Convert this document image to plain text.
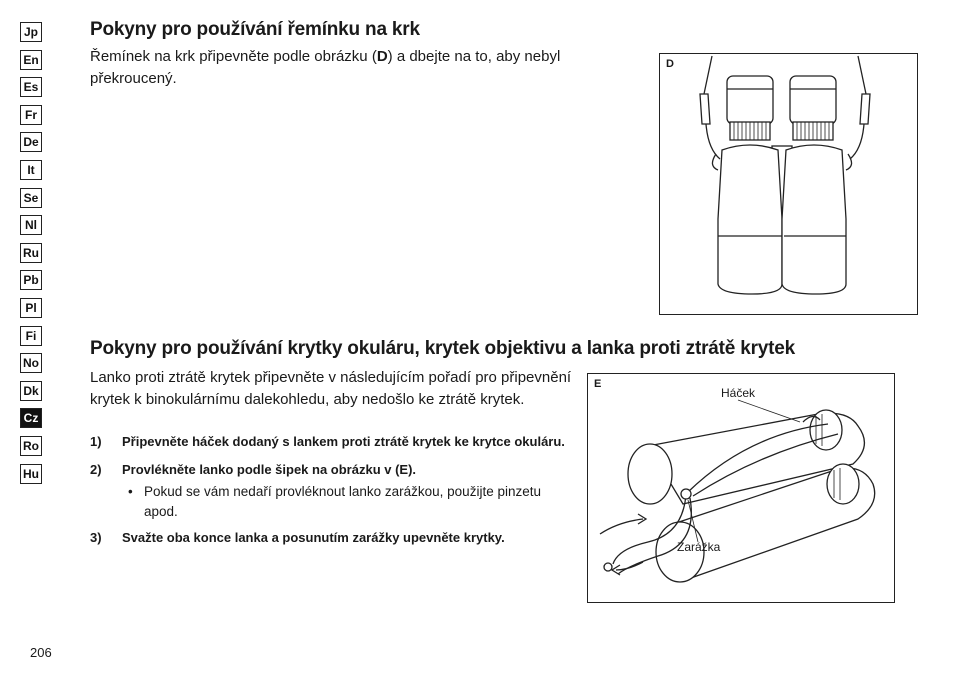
Jp
En
Es
Fr
De
It
Se
Nl
Ru
Pb
Pl
Fi
No
Dk
Cz
Ro
Hu
Pokyny pro používání řemínku na krk

Řemínek na krk připevněte podle obrázku (D) a dbejte na to, aby nebyl překroucený.

D
Pokyny pro používání krytky okuláru, krytek objektivu a lanka proti ztrátě krytek

Lanko proti ztrátě krytek připevněte v následujícím pořadí pro připevnění krytek k binokulárnímu dalekohledu, aby nedošlo ke ztrátě krytek.

1)	Připevněte háček dodaný s lankem proti ztrátě krytek ke krytce okuláru.
2)	Provlékněte lanko podle šipek na obrázku v (E).
• Pokud se vám nedaří provléknout lanko zarážkou, použijte pinzetu apod.
3)	Svažte oba konce lanka a posunutím zarážky upevněte krytky.
E
Háček
Zarážka
206
